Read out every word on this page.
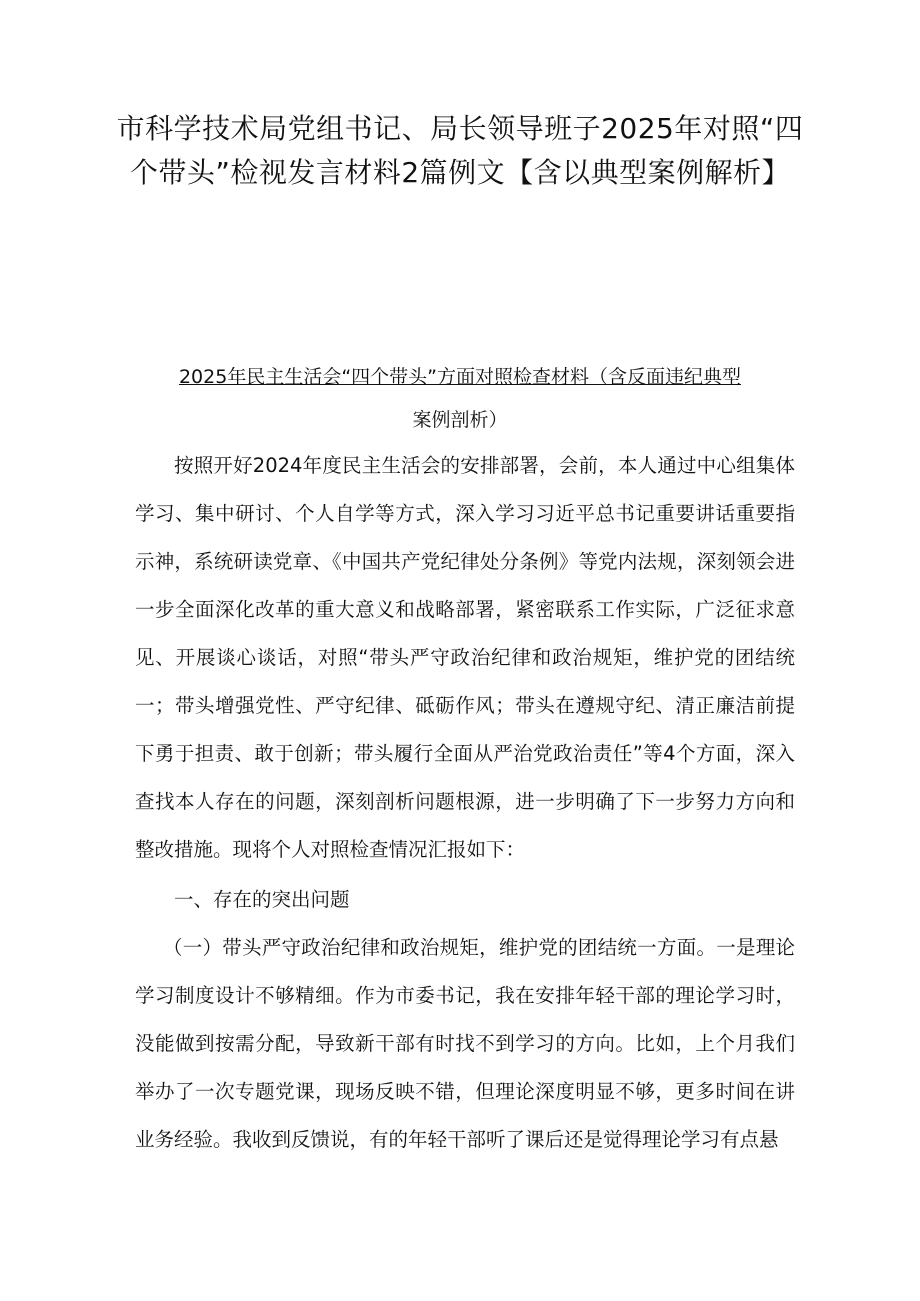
市科学技术局党组书记、局长领导班子2025年对照“四个带头”检视发言材料2篇例文【含以典型案例解析】

2025年民主生活会“四个带头”方面对照检查材料（含反面违纪典型

案例剖析）

按照开好2024年度民主生活会的安排部署，会前，本人通过中心组集体学习、集中研讨、个人自学等方式，深入学习习近平总书记重要讲话重要指示神，系统研读党章、《中国共产党纪律处分条例》等党内法规，深刻领会进一步全面深化改革的重大意义和战略部署，紧密联系工作实际，广泛征求意见、开展谈心谈话，对照“带头严守政治纪律和政治规矩，维护党的团结统一；带头增强党性、严守纪律、砥砺作风；带头在遵规守纪、清正廉洁前提下勇于担责、敢于创新；带头履行全面从严治党政治责任”等4个方面，深入查找本人存在的问题，深刻剖析问题根源，进一步明确了下一步努力方向和整改措施。现将个人对照检查情况汇报如下：

一、存在的突出问题

（一）带头严守政治纪律和政治规矩，维护党的团结统一方面。一是理论学习制度设计不够精细。作为市委书记，我在安排年轻干部的理论学习时，没能做到按需分配，导致新干部有时找不到学习的方向。比如，上个月我们举办了一次专题党课，现场反映不错，但理论深度明显不够，更多时间在讲业务经验。我收到反馈说，有的年轻干部听了课后还是觉得理论学习有点悬
